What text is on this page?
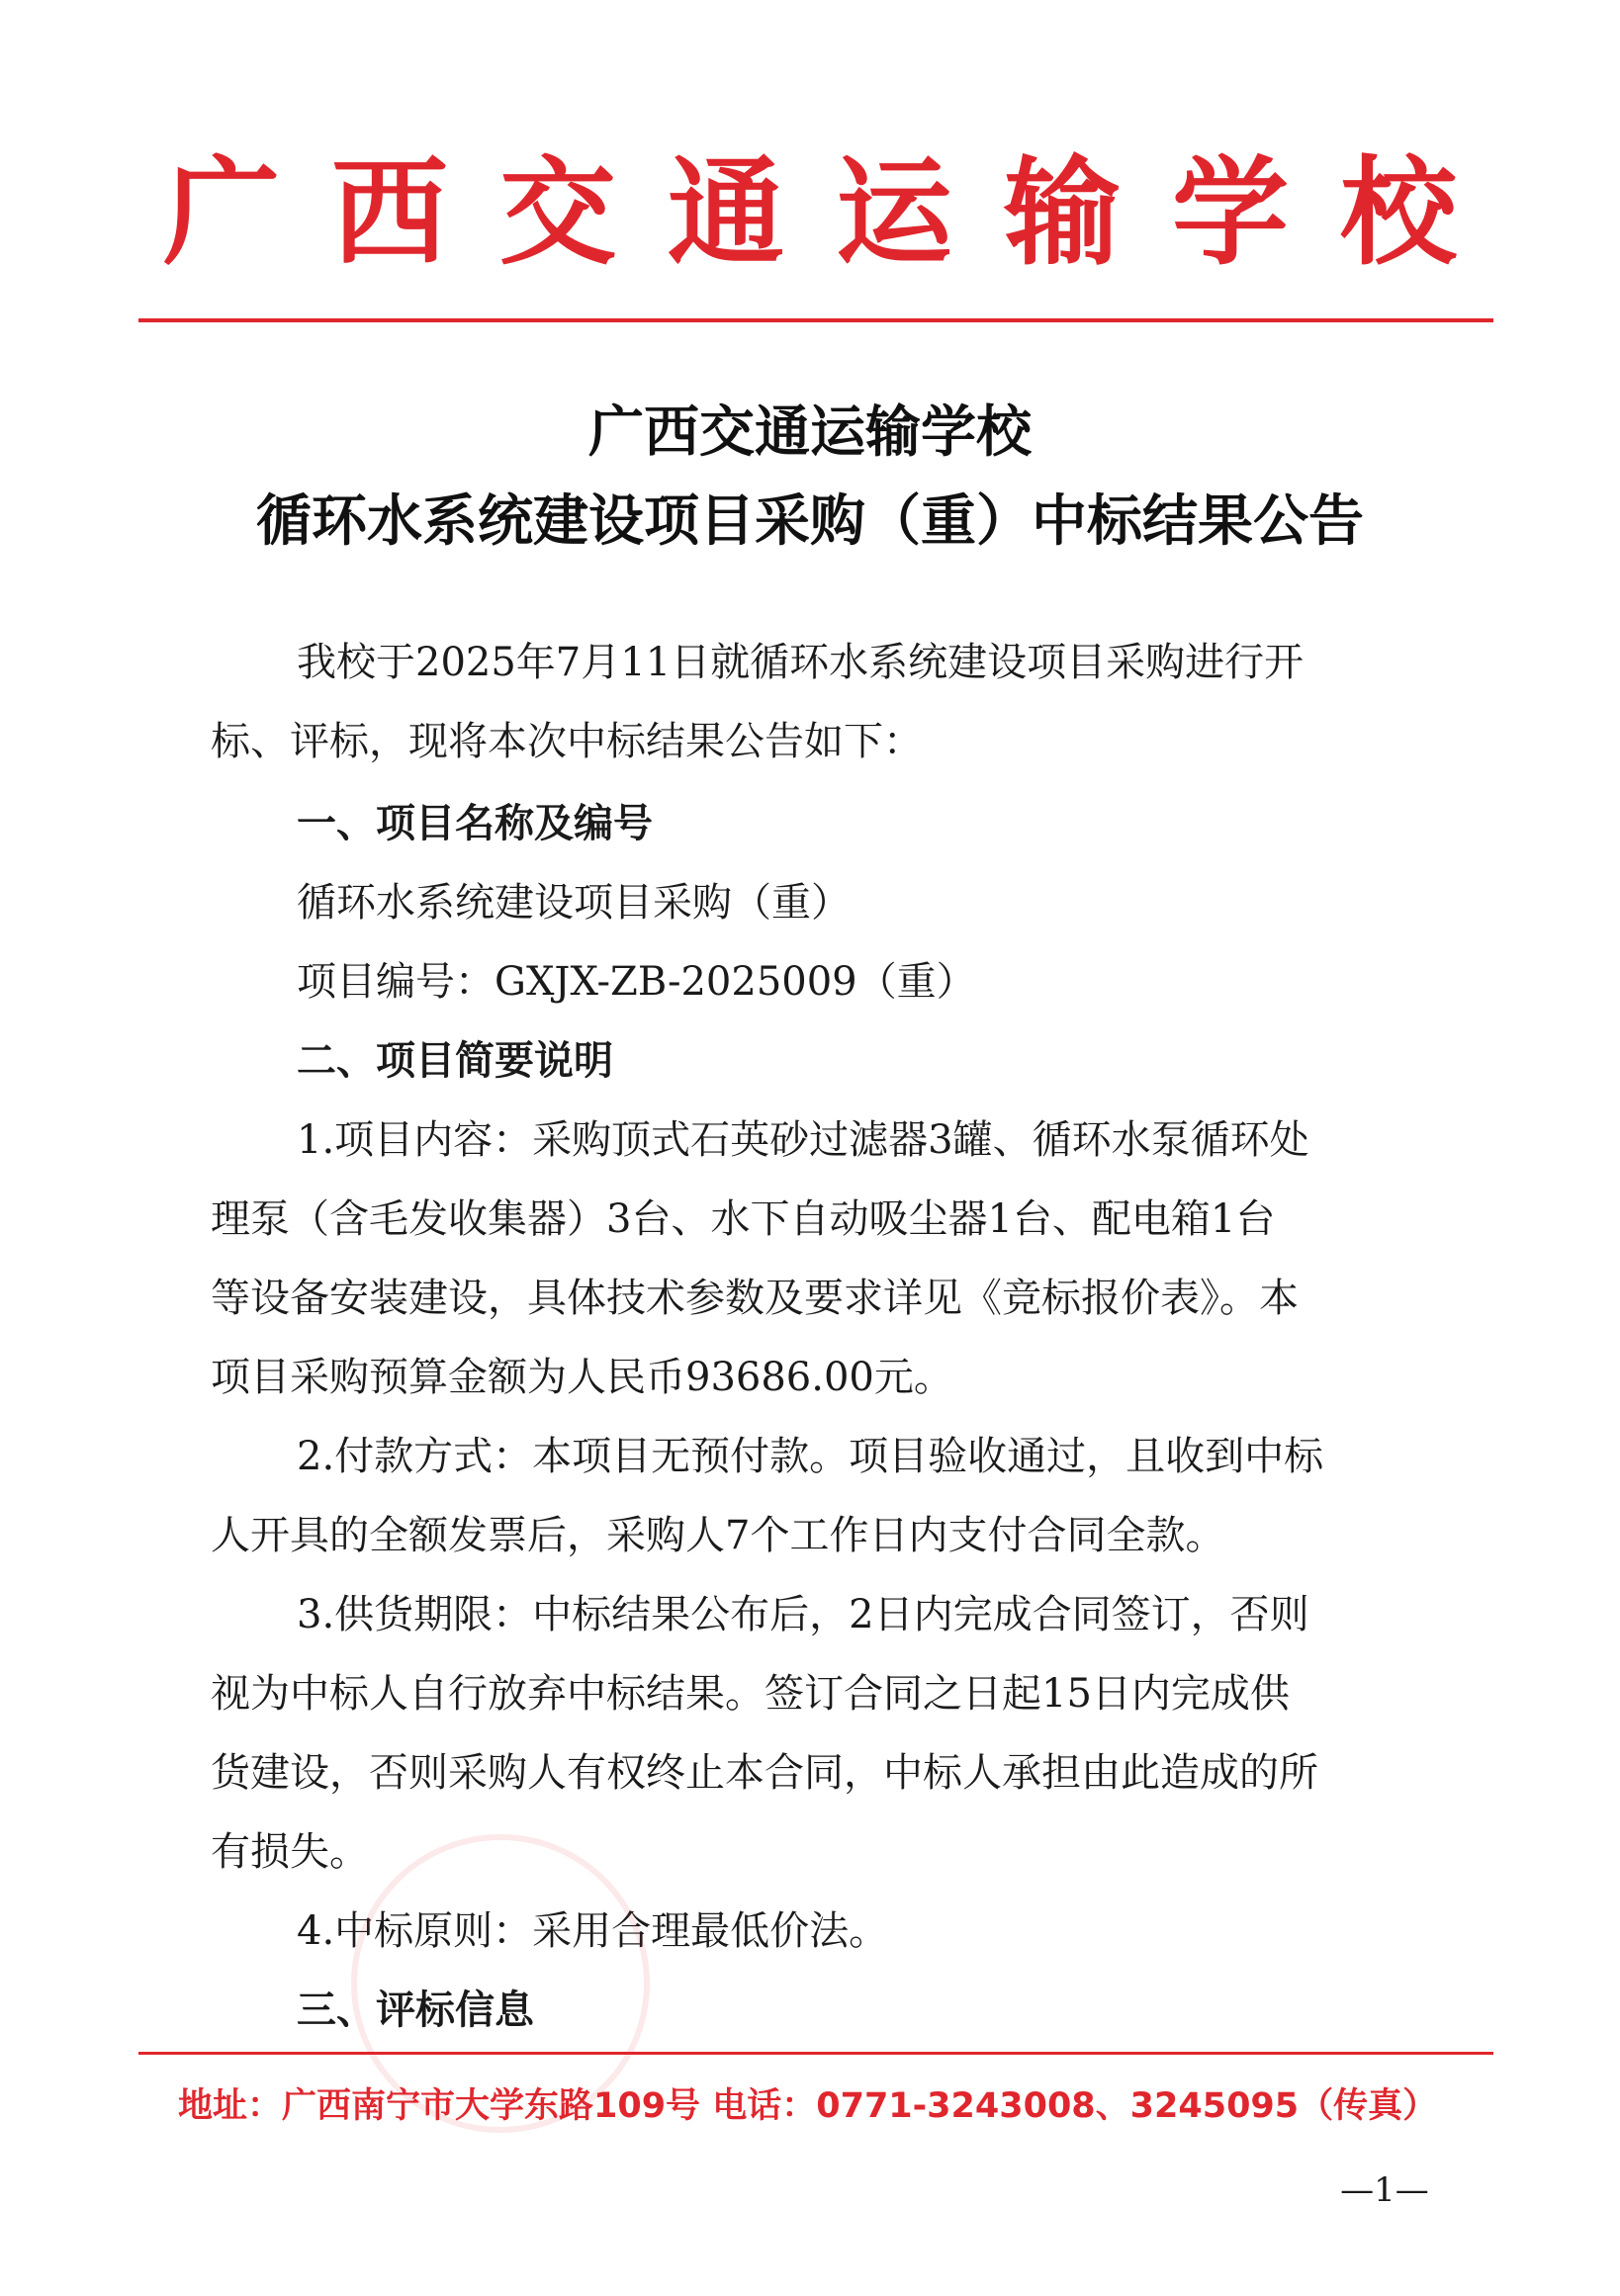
广西交通运输学校
广西交通运输学校
循环水系统建设项目采购（重）中标结果公告
我校于2025年7月11日就循环水系统建设项目采购进行开
标、评标，现将本次中标结果公告如下：
一、项目名称及编号
循环水系统建设项目采购（重）
项目编号：GXJX-ZB-2025009（重）
二、项目简要说明
1.项目内容：采购顶式石英砂过滤器3罐、循环水泵循环处
理泵（含毛发收集器）3台、水下自动吸尘器1台、配电箱1台
等设备安装建设，具体技术参数及要求详见《竞标报价表》。本
项目采购预算金额为人民币93686.00元。
2.付款方式：本项目无预付款。项目验收通过，且收到中标
人开具的全额发票后，采购人7个工作日内支付合同全款。
3.供货期限：中标结果公布后，2日内完成合同签订，否则
视为中标人自行放弃中标结果。签订合同之日起15日内完成供
货建设，否则采购人有权终止本合同，中标人承担由此造成的所
有损失。
4.中标原则：采用合理最低价法。
三、评标信息
地址：广西南宁市大学东路109号 电话：0771-3243008、3245095（传真）
—1—
